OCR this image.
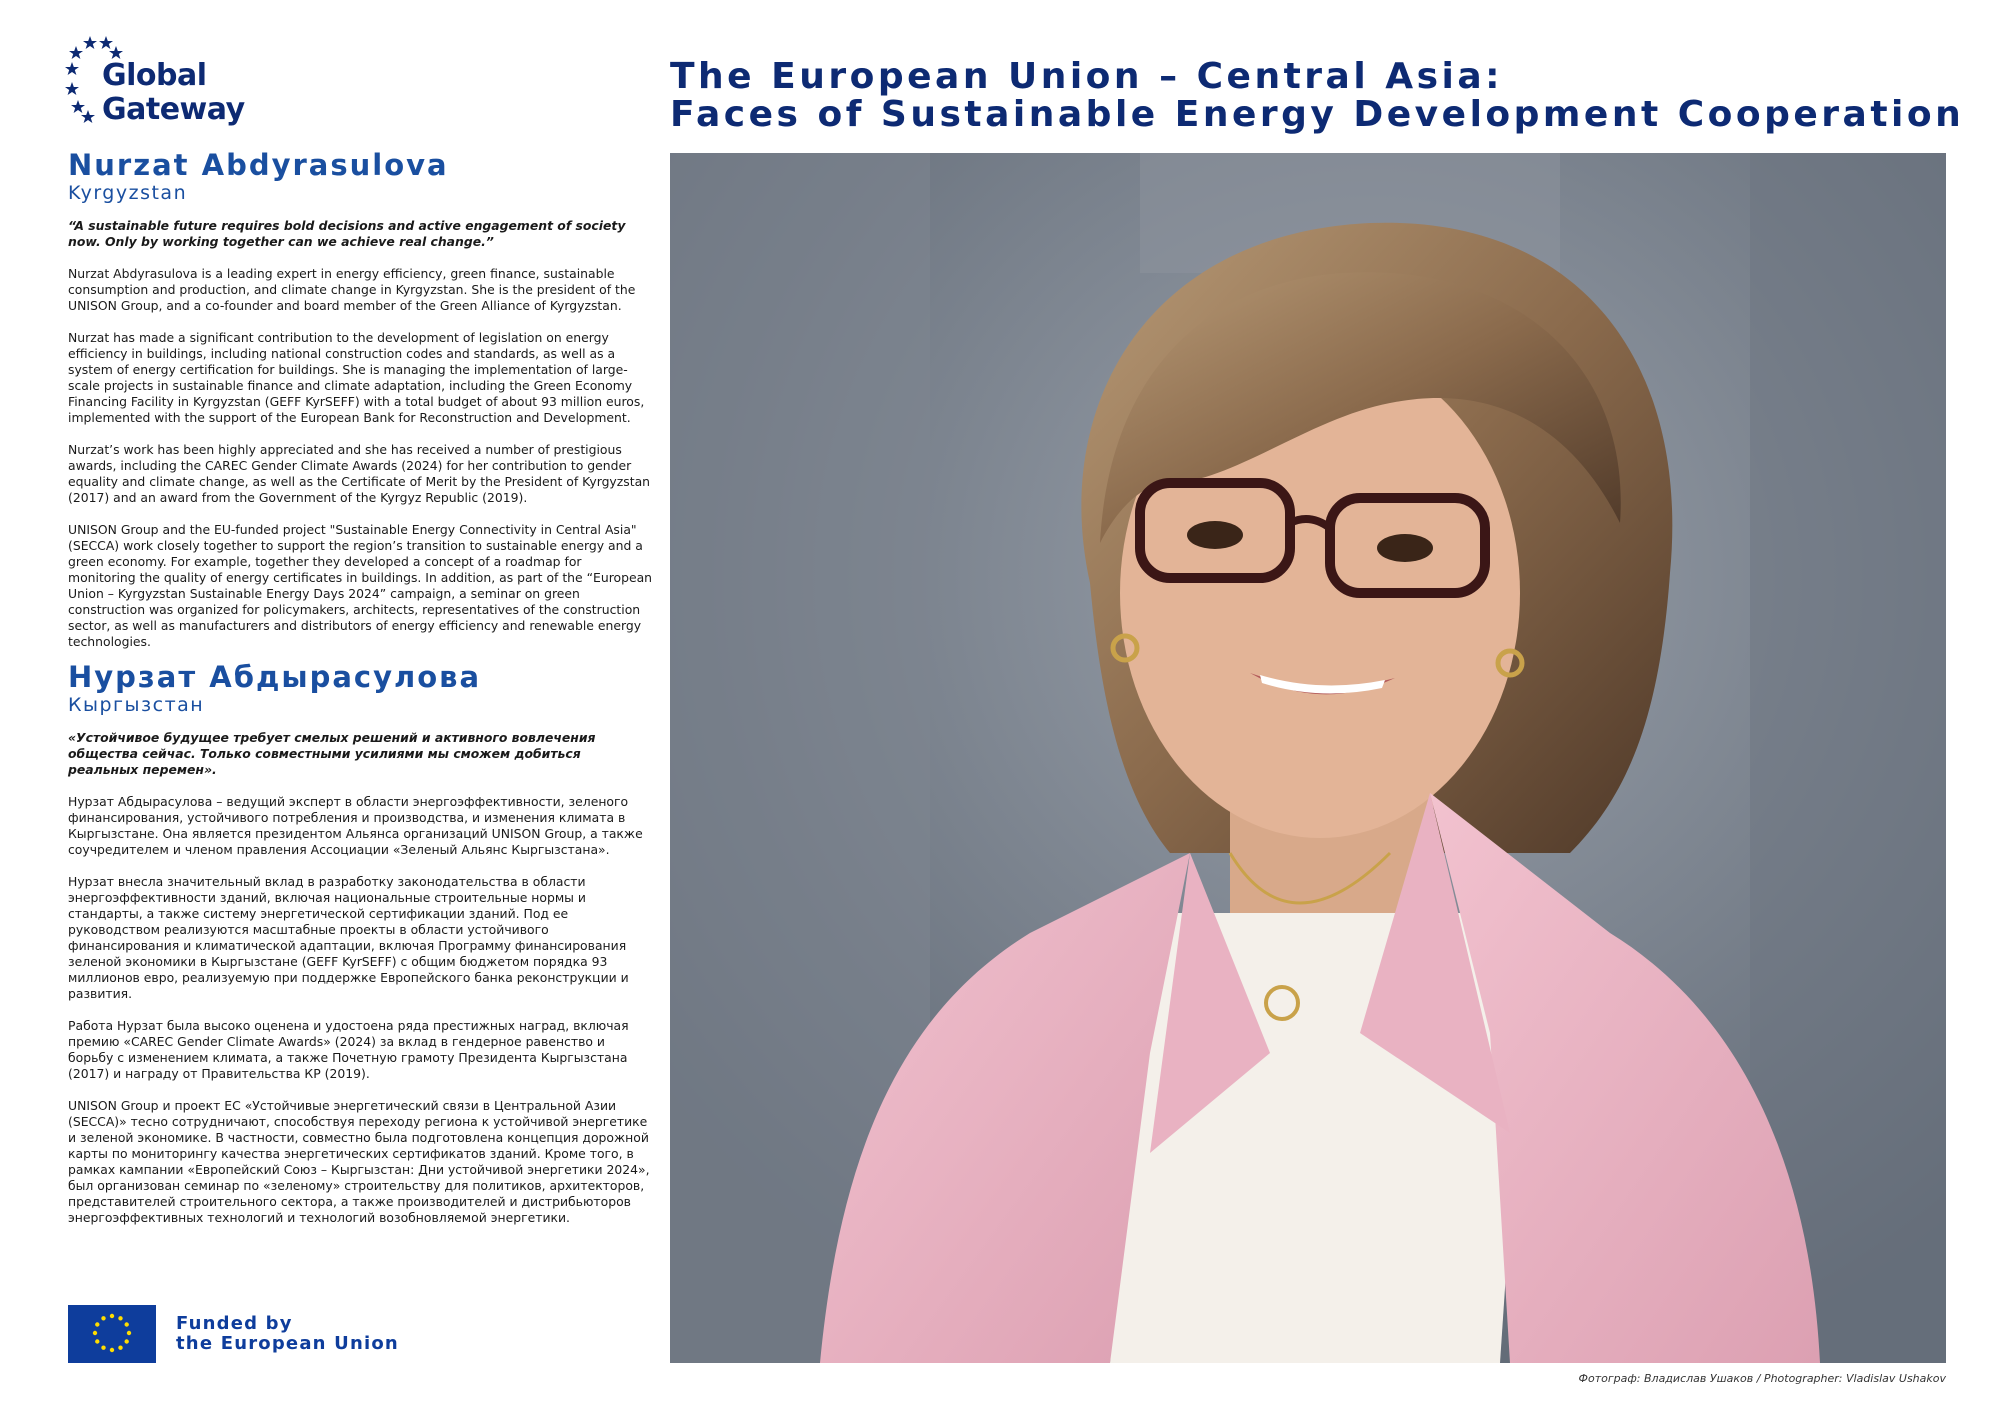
Global
Gateway
The European Union – Central Asia:
Faces of Sustainable Energy Development Cooperation
Nurzat Abdyrasulova

Kyrgyzstan

“A sustainable future requires bold decisions and active engagement of society now. Only by working together can we achieve real change.”

Nurzat Abdyrasulova is a leading expert in energy efficiency, green finance, sustainable consumption and production, and climate change in Kyrgyzstan. She is the president of the UNISON Group, and a co-founder and board member of the Green Alliance of Kyrgyzstan.

Nurzat has made a significant contribution to the development of legislation on energy efficiency in buildings, including national construction codes and standards, as well as a system of energy certification for buildings. She is managing the implementation of large-scale projects in sustainable finance and climate adaptation, including the Green Economy Financing Facility in Kyrgyzstan (GEFF KyrSEFF) with a total budget of about 93 million euros, implemented with the support of the European Bank for Reconstruction and Development.

Nurzat’s work has been highly appreciated and she has received a number of prestigious awards, including the CAREC Gender Climate Awards (2024) for her contribution to gender equality and climate change, as well as the Certificate of Merit by the President of Kyrgyzstan (2017) and an award from the Government of the Kyrgyz Republic (2019).

UNISON Group and the EU-funded project "Sustainable Energy Connectivity in Central Asia" (SECCA) work closely together to support the region’s transition to sustainable energy and a green economy. For example, together they developed a concept of a roadmap for monitoring the quality of energy certificates in buildings. In addition, as part of the “European Union – Kyrgyzstan Sustainable Energy Days 2024” campaign, a seminar on green construction was organized for policymakers, architects, representatives of the construction sector, as well as manufacturers and distributors of energy efficiency and renewable energy technologies.

Нурзат Абдырасулова

Кыргызстан

«Устойчивое будущее требует смелых решений и активного вовлечения общества сейчас. Только совместными усилиями мы сможем добиться реальных перемен».

Нурзат Абдырасулова – ведущий эксперт в области энергоэффективности, зеленого финансирования, устойчивого потребления и производства, и изменения климата в Кыргызстане. Она является президентом Альянса организаций UNISON Group, а также соучредителем и членом правления Ассоциации «Зеленый Альянс Кыргызстана».

Нурзат внесла значительный вклад в разработку законодательства в области энергоэффективности зданий, включая национальные строительные нормы и стандарты, а также систему энергетической сертификации зданий. Под ее руководством реализуются масштабные проекты в области устойчивого финансирования и климатической адаптации, включая Программу финансирования зеленой экономики в Кыргызстане (GEFF KyrSEFF) с общим бюджетом порядка 93 миллионов евро, реализуемую при поддержке Европейского банка реконструкции и развития.

Работа Нурзат была высоко оценена и удостоена ряда престижных наград, включая премию «CAREC Gender Climate Awards» (2024) за вклад в гендерное равенство и борьбу с изменением климата, а также Почетную грамоту Президента Кыргызстана (2017) и награду от Правительства КР (2019).

UNISON Group и проект ЕС «Устойчивые энергетический связи в Центральной Азии (SECCA)» тесно сотрудничают, способствуя переходу региона к устойчивой энергетике и зеленой экономике. В частности, совместно была подготовлена концепция дорожной карты по мониторингу качества энергетических сертификатов зданий. Кроме того, в рамках кампании «Европейский Союз – Кыргызстан: Дни устойчивой энергетики 2024», был организован семинар по «зеленому» строительству для политиков, архитекторов, представителей строительного сектора, а также производителей и дистрибьюторов энергоэффективных технологий и технологий возобновляемой энергетики.

Funded by
the European Union

Фотограф: Владислав Ушаков / Photographer: Vladislav Ushakov
